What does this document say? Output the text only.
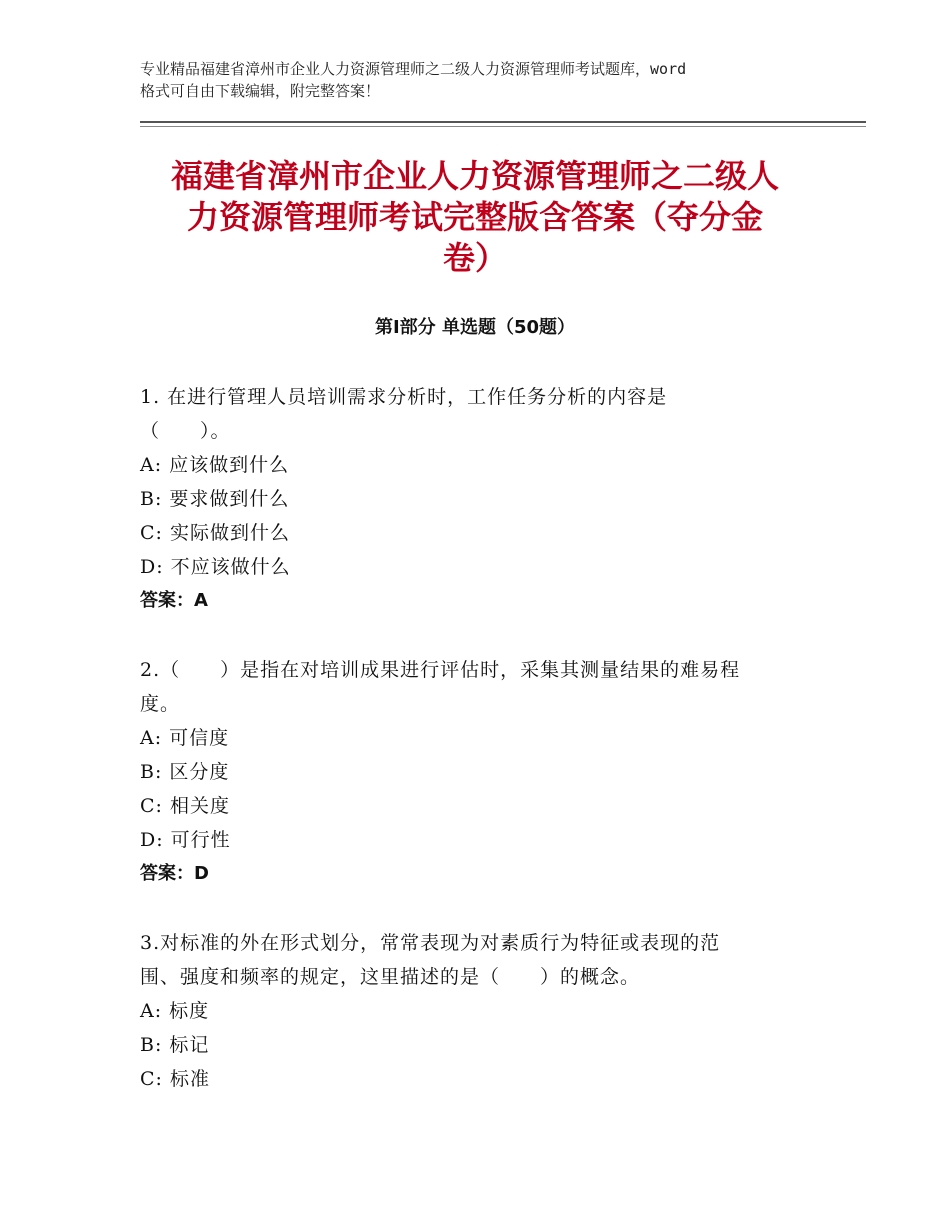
专业精品福建省漳州市企业人力资源管理师之二级人力资源管理师考试题库，word
格式可自由下载编辑，附完整答案！
福建省漳州市企业人力资源管理师之二级人
力资源管理师考试完整版含答案（夺分金
卷）
第Ⅰ部分 单选题（50题）
1. 在进行管理人员培训需求分析时，工作任务分析的内容是
（　　）。
A: 应该做到什么
B: 要求做到什么
C: 实际做到什么
D: 不应该做什么
答案：A
2.（　　）是指在对培训成果进行评估时，采集其测量结果的难易程
度。
A: 可信度
B: 区分度
C: 相关度
D: 可行性
答案：D
3.对标准的外在形式划分，常常表现为对素质行为特征或表现的范
围、强度和频率的规定，这里描述的是（　　）的概念。
A: 标度
B: 标记
C: 标准
